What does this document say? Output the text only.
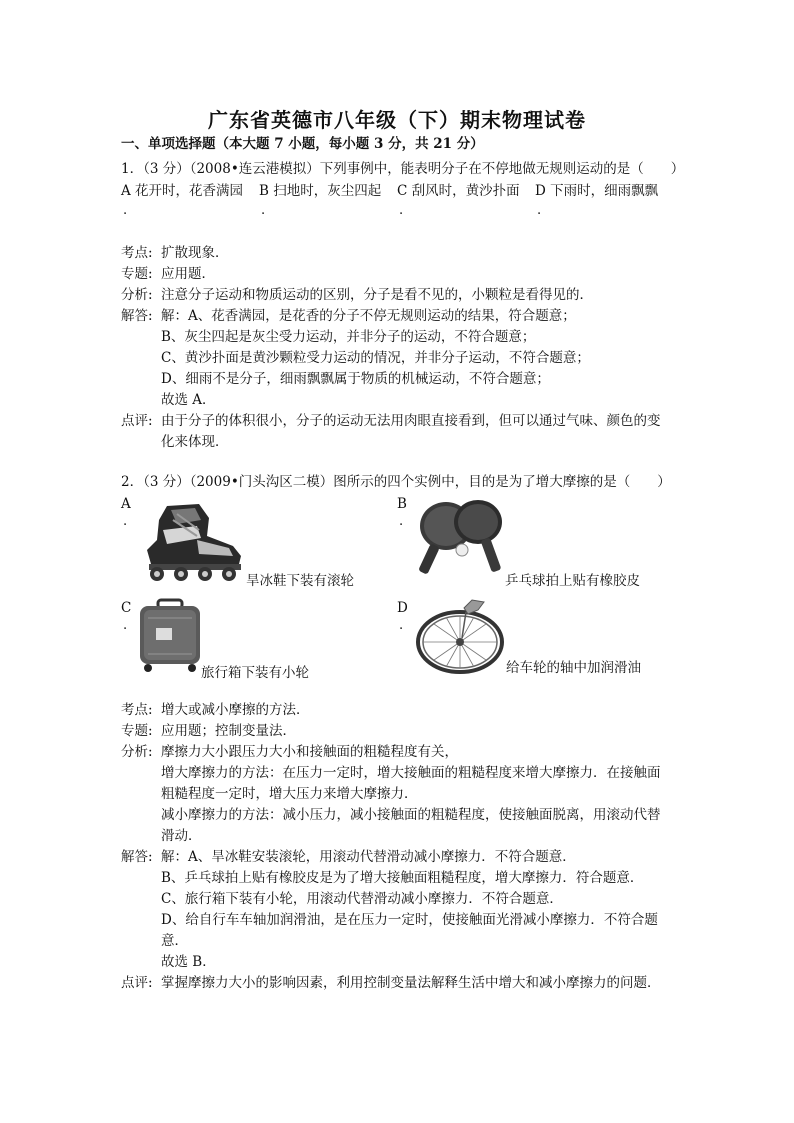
广东省英德市八年级（下）期末物理试卷
一、单项选择题（本大题 7 小题，每小题 3 分，共 21 分）
1．（3 分）（2008•连云港模拟）下列事例中，能表明分子在不停地做无规则运动的是（　　）
A 花开时，花香满园 B 扫地时，灰尘四起 C 刮风时，黄沙扑面 D 下雨时，细雨飘飘
.	.	.	.
考点: 扩散现象．
专题: 应用题．
分析: 注意分子运动和物质运动的区别，分子是看不见的，小颗粒是看得见的．
解答: 解：A、花香满园，是花香的分子不停无规则运动的结果，符合题意；
B、灰尘四起是灰尘受力运动，并非分子的运动，不符合题意；
C、黄沙扑面是黄沙颗粒受力运动的情况，并非分子运动，不符合题意；
D、细雨不是分子，细雨飘飘属于物质的机械运动，不符合题意；
故选 A．
点评: 由于分子的体积很小，分子的运动无法用肉眼直接看到，但可以通过气味、颜色的变
化来体现．
2．（3 分）（2009•门头沟区二模）图所示的四个实例中，目的是为了增大摩擦的是（　　）
A
.
B
.
C
.
D
.
旱冰鞋下装有滚轮	乒乓球拍上贴有橡胶皮
旅行箱下装有小轮	给车轮的轴中加润滑油
考点: 增大或减小摩擦的方法．
专题: 应用题；控制变量法．
分析: 摩擦力大小跟压力大小和接触面的粗糙程度有关，
增大摩擦力的方法：在压力一定时，增大接触面的粗糙程度来增大摩擦力．在接触面
粗糙程度一定时，增大压力来增大摩擦力．
减小摩擦力的方法：减小压力，减小接触面的粗糙程度，使接触面脱离，用滚动代替
滑动．
解答: 解：A、旱冰鞋安装滚轮，用滚动代替滑动减小摩擦力．不符合题意．
B、乒乓球拍上贴有橡胶皮是为了增大接触面粗糙程度，增大摩擦力．符合题意．
C、旅行箱下装有小轮，用滚动代替滑动减小摩擦力．不符合题意．
D、给自行车车轴加润滑油，是在压力一定时，使接触面光滑减小摩擦力．不符合题
意．
故选 B．
点评: 掌握摩擦力大小的影响因素，利用控制变量法解释生活中增大和减小摩擦力的问题．
